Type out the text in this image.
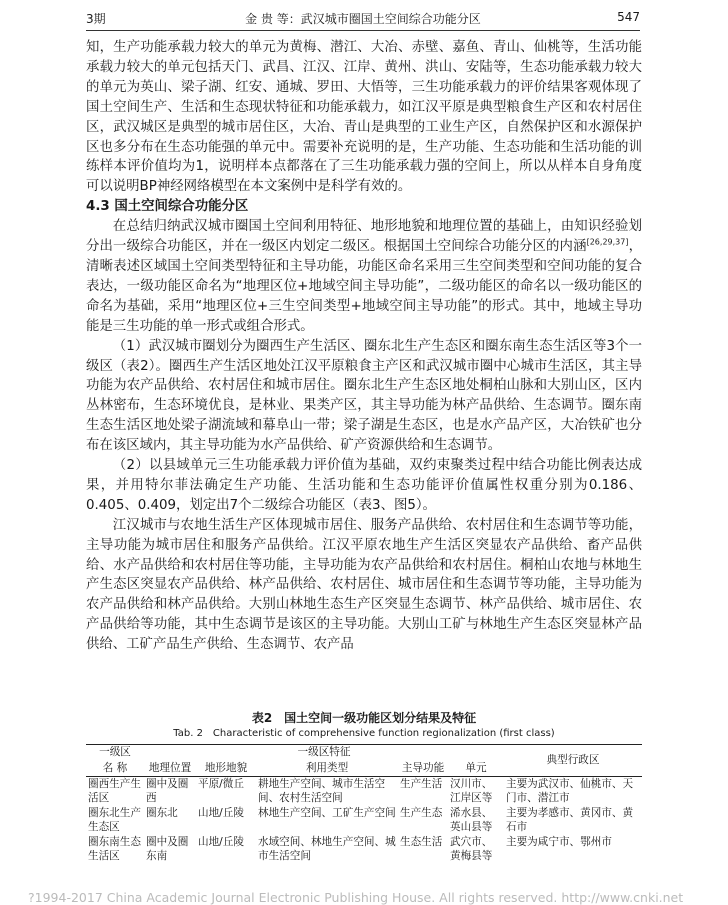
3期	金 贵 等：武汉城市圈国土空间综合功能分区	547

知，生产功能承载力较大的单元为黄梅、潜江、大冶、赤壁、嘉鱼、青山、仙桃等，生活功能承载力较大的单元包括天门、武昌、江汉、江岸、黄州、洪山、安陆等，生态功能承载力较大的单元为英山、梁子湖、红安、通城、罗田、大悟等，三生功能承载力的评价结果客观体现了国土空间生产、生活和生态现状特征和功能承载力，如江汉平原是典型粮食生产区和农村居住区，武汉城区是典型的城市居住区，大冶、青山是典型的工业生产区，自然保护区和水源保护区也多分布在生态功能强的单元中。需要补充说明的是，生产功能、生态功能和生活功能的训练样本评价值均为1，说明样本点都落在了三生功能承载力强的空间上，所以从样本自身角度可以说明BP神经网络模型在本文案例中是科学有效的。

4.3 国土空间综合功能分区

在总结归纳武汉城市圈国土空间利用特征、地形地貌和地理位置的基础上，由知识经验划分出一级综合功能区，并在一级区内划定二级区。根据国土空间综合功能分区的内涵[26,29,37]，清晰表述区域国土空间类型特征和主导功能，功能区命名采用三生空间类型和空间功能的复合表达，一级功能区命名为“地理区位+地域空间主导功能”，二级功能区的命名以一级功能区的命名为基础，采用“地理区位+三生空间类型+地域空间主导功能”的形式。其中，地域主导功能是三生功能的单一形式或组合形式。

（1）武汉城市圈划分为圈西生产生活区、圈东北生产生态区和圈东南生态生活区等3个一级区（表2）。圈西生产生活区地处江汉平原粮食主产区和武汉城市圈中心城市生活区，其主导功能为农产品供给、农村居住和城市居住。圈东北生产生态区地处桐柏山脉和大别山区，区内丛林密布，生态环境优良，是林业、果类产区，其主导功能为林产品供给、生态调节。圈东南生态生活区地处梁子湖流域和幕阜山一带；梁子湖是生态区，也是水产品产区，大冶铁矿也分布在该区域内，其主导功能为水产品供给、矿产资源供给和生态调节。

（2）以县域单元三生功能承载力评价值为基础，双约束聚类过程中结合功能比例表达成果，并用特尔菲法确定生产功能、生活功能和生态功能评价值属性权重分别为0.186、0.405、0.409，划定出7个二级综合功能区（表3、图5）。

江汉城市与农地生活生产区体现城市居住、服务产品供给、农村居住和生态调节等功能，主导功能为城市居住和服务产品供给。江汉平原农地生产生活区突显农产品供给、畜产品供给、水产品供给和农村居住等功能，主导功能为农产品供给和农村居住。桐柏山农地与林地生产生态区突显农产品供给、林产品供给、农村居住、城市居住和生态调节等功能，主导功能为农产品供给和林产品供给。大别山林地生态生产区突显生态调节、林产品供给、城市居住、农产品供给等功能，其中生态调节是该区的主导功能。大别山工矿与林地生产生态区突显林产品供给、工矿产品生产供给、生态调节、农产品

表2　国土空间一级功能区划分结果及特征
Tab. 2　Characteristic of comprehensive function regionalization (first class)
一级区	一级区特征					典型行政区
名 称	地理位置	地形地貌	利用类型	主导功能	单元	
圈西生产生活区	圈中及圈西	平原/微丘	耕地生产空间、城市生活空间、农村生活空间	生产生活	汉川市、江岸区等	主要为武汉市、仙桃市、天门市、潜江市
圈东北生产生态区	圈东北	山地/丘陵	林地生产空间、工矿生产空间	生产生态	浠水县、英山县等	主要为孝感市、黄冈市、黄石市
圈东南生态生活区	圈中及圈东南	山地/丘陵	水域空间、林地生产空间、城市生活空间	生态生活	武穴市、黄梅县等	主要为咸宁市、鄂州市
?1994-2017 China Academic Journal Electronic Publishing House. All rights reserved. http://www.cnki.net
